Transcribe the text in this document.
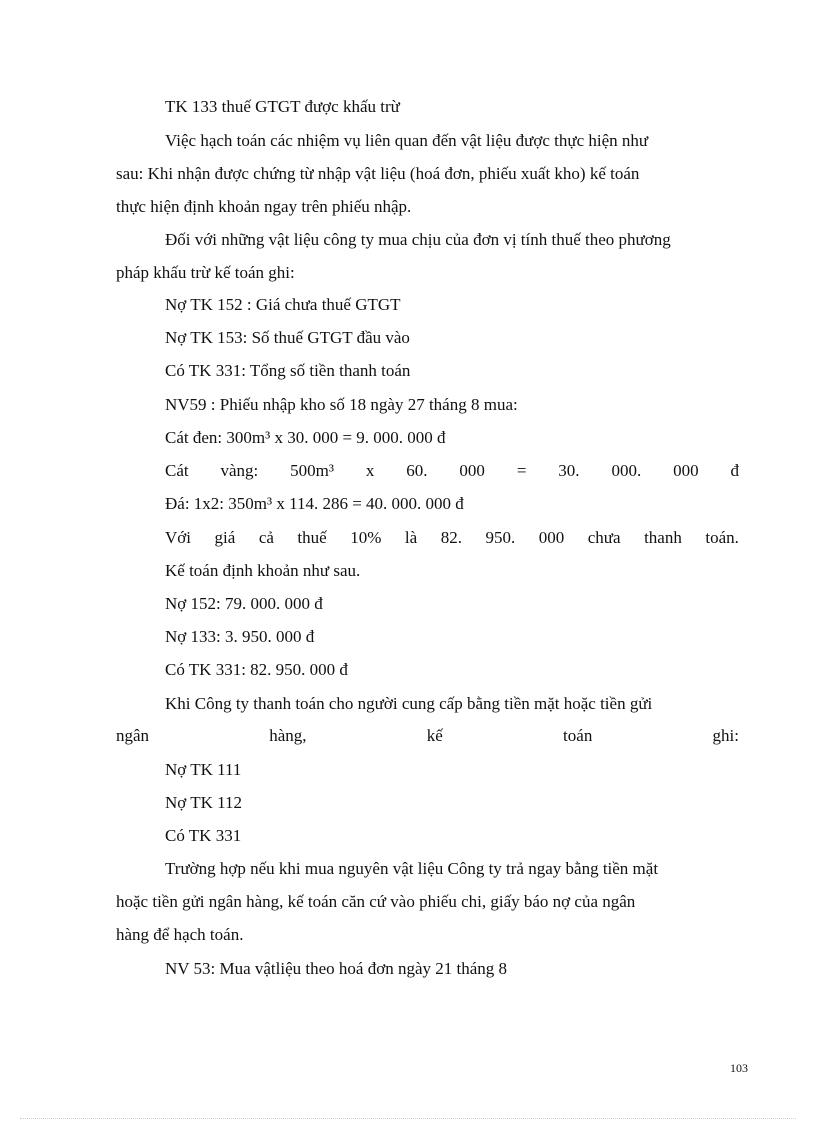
TK 133 thuế GTGT được khấu trừ
Việc hạch toán các nhiệm vụ liên quan đến vật liệu được thực hiện như
sau: Khi nhận được chứng từ nhập vật liệu (hoá đơn, phiếu xuất kho) kế toán
thực hiện định khoản ngay trên phiếu nhập.
Đối với những vật liệu công ty mua chịu của đơn vị tính thuế theo phương
pháp khấu trừ kế toán ghi:
Nợ TK 152 : Giá chưa thuế GTGT
Nợ TK 153: Số thuế GTGT đầu vào
Có TK 331: Tổng số tiền thanh toán
NV59 : Phiếu nhập kho số 18 ngày 27 tháng 8 mua:
Cát đen: 300m³ x 30. 000 = 9. 000. 000 đ
Cát vàng: 500m³ x 60. 000 = 30. 000. 000 đ
Đá: 1x2: 350m³ x 114. 286 = 40. 000. 000 đ
Với giá cả thuế 10% là 82. 950. 000 chưa thanh toán.
Kế toán định khoản như sau.
Nợ 152: 79. 000. 000 đ
Nợ 133: 3. 950. 000 đ
Có TK 331: 82. 950. 000 đ
Khi Công ty thanh toán cho người cung cấp bằng tiền mặt hoặc tiền gửi
ngân	hàng,	kế	toán	ghi:
Nợ TK 111
Nợ TK 112
Có TK 331
Trường hợp nếu khi mua nguyên vật liệu Công ty trả ngay bằng tiền mặt
hoặc tiền gửi ngân hàng, kế toán căn cứ vào phiếu chi, giấy báo nợ của ngân
hàng để hạch toán.
NV 53: Mua vậtliệu theo hoá đơn ngày 21 tháng 8
103
